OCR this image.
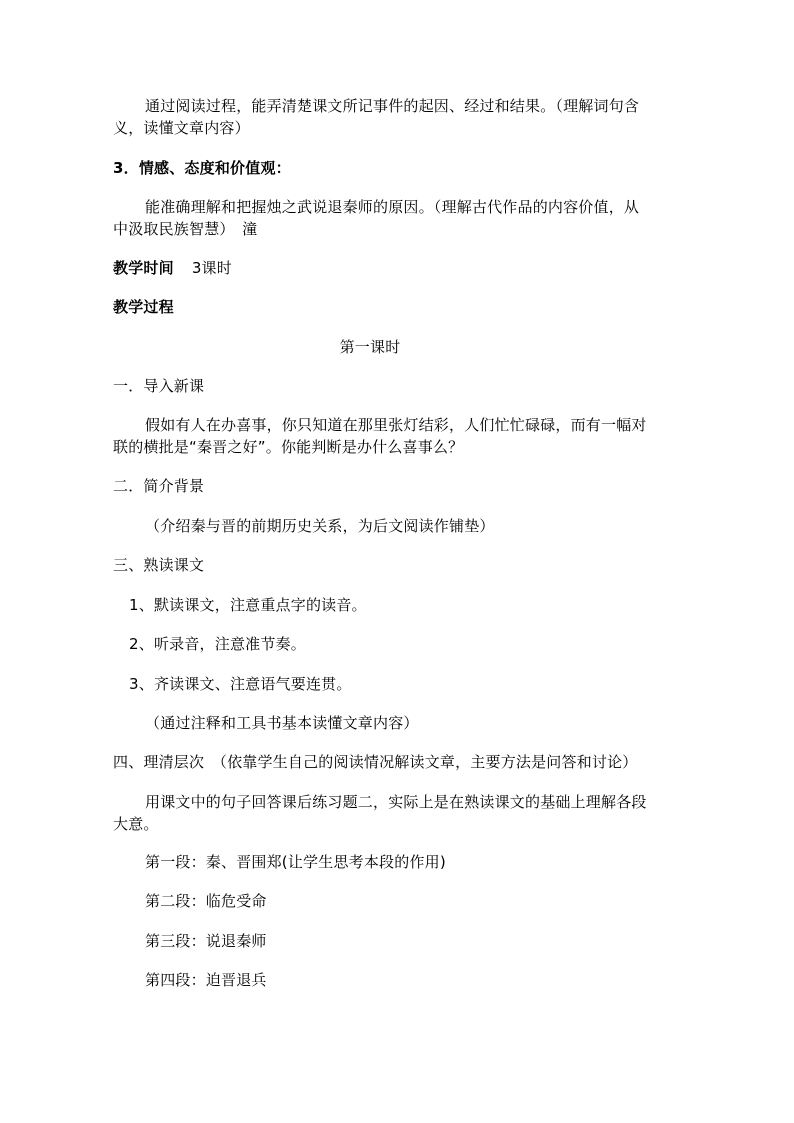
通过阅读过程，能弄清楚课文所记事件的起因、经过和结果。（理解词句含
义，读懂文章内容）
3．情感、态度和价值观：
能准确理解和把握烛之武说退秦师的原因。（理解古代作品的内容价值，从
中汲取民族智慧）　潼
教学时间 3课时
教学过程
第一课时
一．导入新课
假如有人在办喜事，你只知道在那里张灯结彩，人们忙忙碌碌，而有一幅对
联的横批是“秦晋之好”。你能判断是办什么喜事么？
二．简介背景
（介绍秦与晋的前期历史关系，为后文阅读作铺垫）
三、熟读课文
1、默读课文，注意重点字的读音。
2、听录音，注意准节奏。
3、齐读课文、注意语气要连贯。
（通过注释和工具书基本读懂文章内容）
四、理清层次　（依靠学生自己的阅读情况解读文章，主要方法是问答和讨论）
用课文中的句子回答课后练习题二，实际上是在熟读课文的基础上理解各段
大意。
第一段：秦、晋围郑(让学生思考本段的作用)
第二段：临危受命
第三段：说退秦师
第四段：迫晋退兵
